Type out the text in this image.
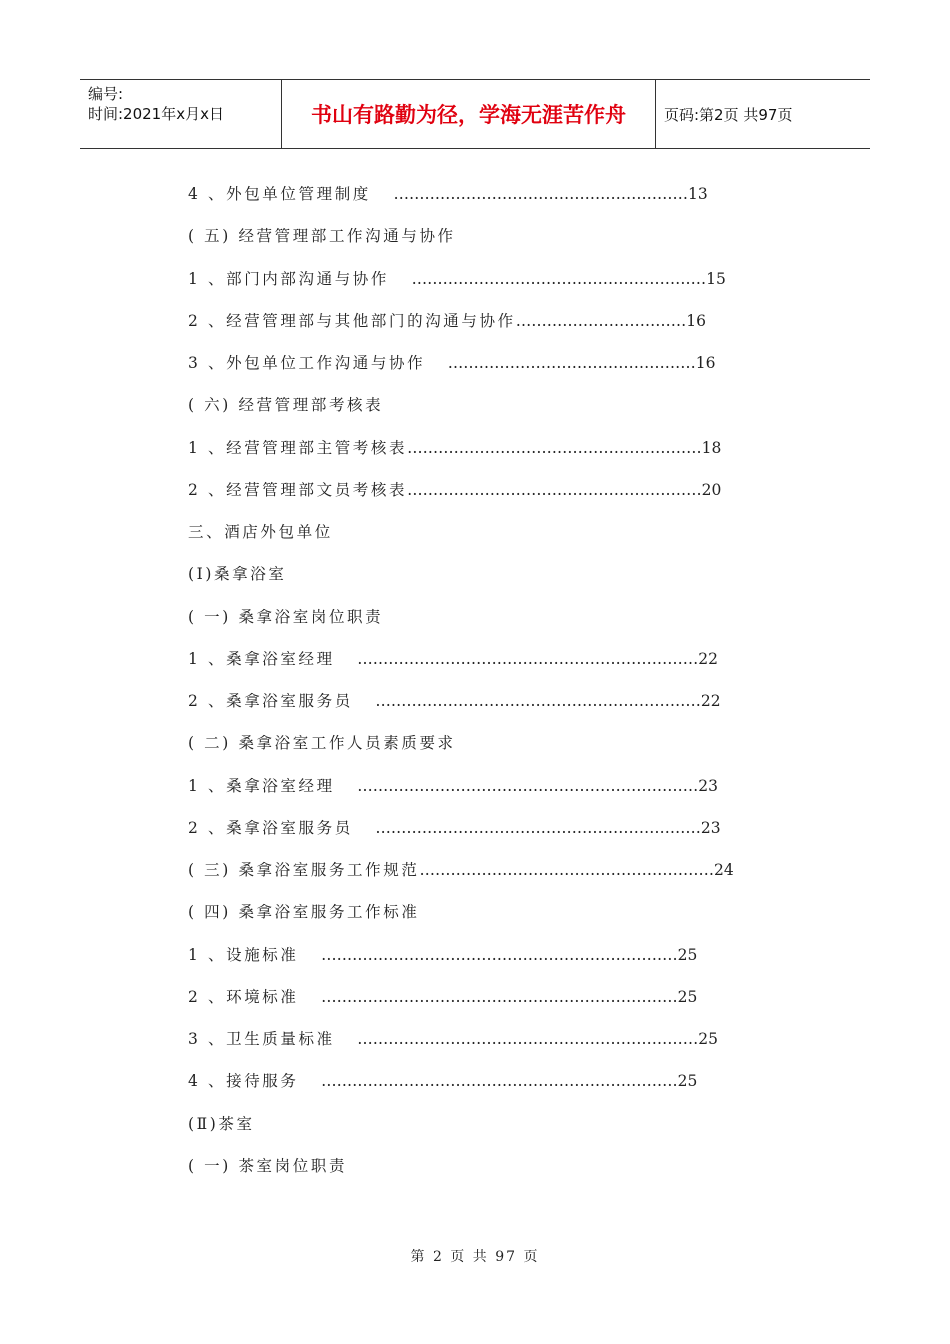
编号:
时间:2021年x月x日	书山有路勤为径，学海无涯苦作舟	页码:第2页 共97页
4 、外包单位管理制度 …………………………………………………13
( 五) 经营管理部工作沟通与协作
1 、部门内部沟通与协作 …………………………………………………15
2 、经营管理部与其他部门的沟通与协作……………………………16
3 、外包单位工作沟通与协作 …………………………………………16
( 六) 经营管理部考核表
1 、经营管理部主管考核表…………………………………………………18
2 、经营管理部文员考核表…………………………………………………20
三、酒店外包单位
(Ⅰ)桑拿浴室
( 一) 桑拿浴室岗位职责
1 、桑拿浴室经理 …………………………………………………………22
2 、桑拿浴室服务员 ………………………………………………………22
( 二) 桑拿浴室工作人员素质要求
1 、桑拿浴室经理 …………………………………………………………23
2 、桑拿浴室服务员 ………………………………………………………23
( 三) 桑拿浴室服务工作规范…………………………………………………24
( 四) 桑拿浴室服务工作标准
1 、设施标准 ……………………………………………………………25
2 、环境标准 ……………………………………………………………25
3 、卫生质量标准 …………………………………………………………25
4 、接待服务 ……………………………………………………………25
(Ⅱ)茶室
( 一) 茶室岗位职责
第 2 页 共 97 页
